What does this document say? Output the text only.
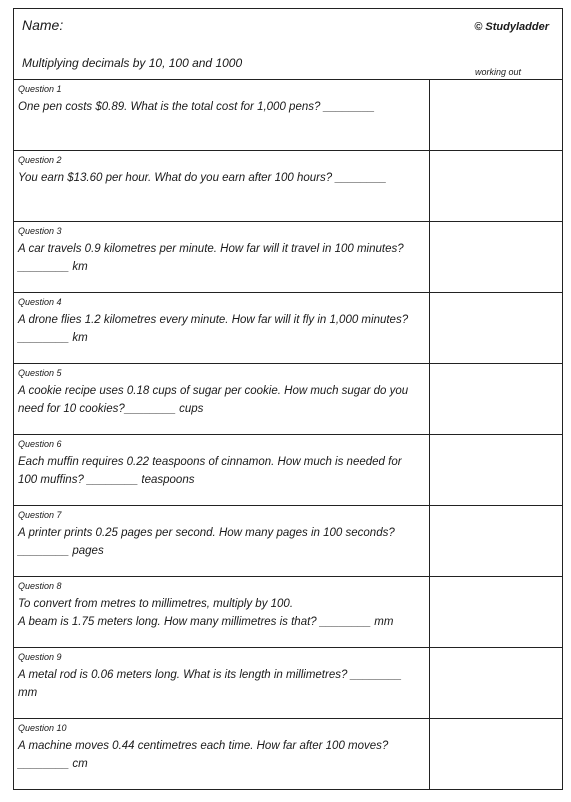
Name:	© Studyladder
Multiplying decimals by 10, 100 and 1000
working out
Question 1
One pen costs $0.89. What is the total cost for 1,000 pens? ________
Question 2
You earn $13.60 per hour. What do you earn after 100 hours? ________
Question 3
A car travels 0.9 kilometres per minute. How far will it travel in 100 minutes?________ km
Question 4
A drone flies 1.2 kilometres every minute. How far will it fly in 1,000 minutes? ________ km
Question 5
A cookie recipe uses 0.18 cups of sugar per cookie. How much sugar do you need for 10 cookies?________ cups
Question 6
Each muffin requires 0.22 teaspoons of cinnamon. How much is needed for 100 muffins? ________ teaspoons
Question 7
A printer prints 0.25 pages per second. How many pages in 100 seconds?________ pages
Question 8
To convert from metres to millimetres, multiply by 100.
A beam is 1.75 meters long. How many millimetres is that? ________ mm
Question 9
A metal rod is 0.06 meters long. What is its length in millimetres? ________ mm
Question 10
A machine moves 0.44 centimetres each time. How far after 100 moves? ________ cm
